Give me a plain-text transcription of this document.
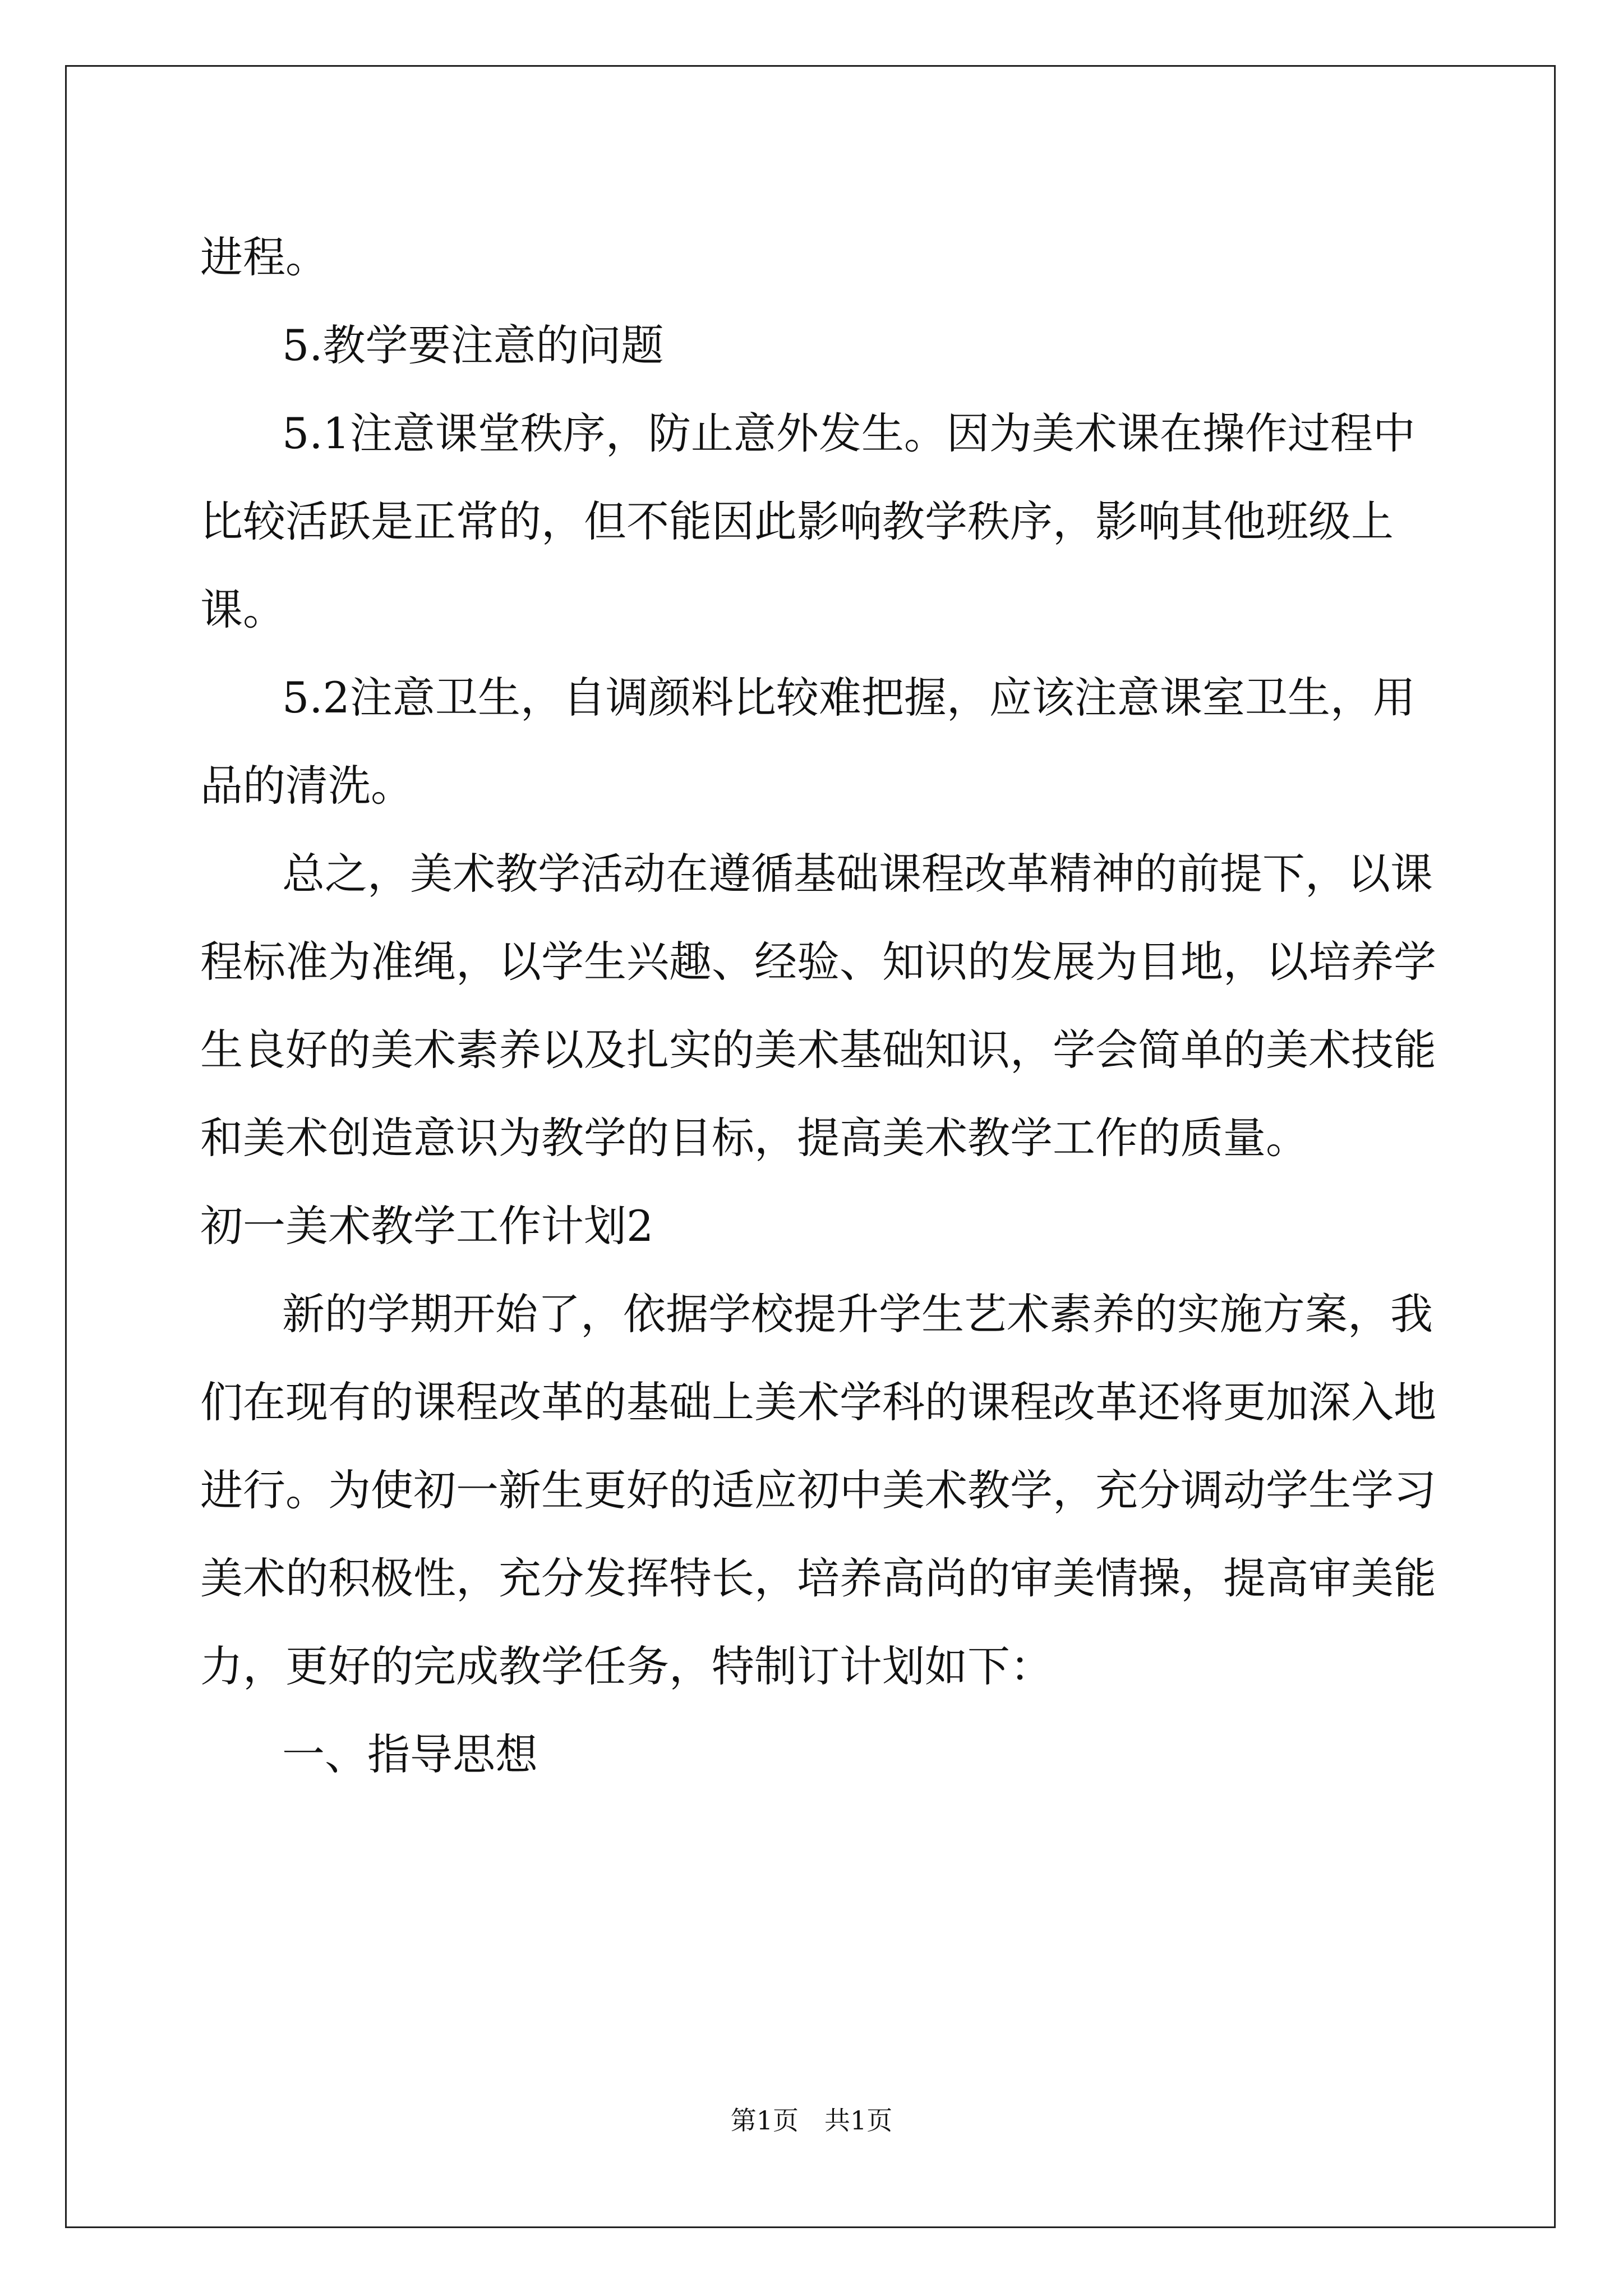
进程。

5.教学要注意的问题

5.1注意课堂秩序，防止意外发生。因为美术课在操作过程中比较活跃是正常的，但不能因此影响教学秩序，影响其他班级上课。

5.2注意卫生，自调颜料比较难把握，应该注意课室卫生，用品的清洗。

总之，美术教学活动在遵循基础课程改革精神的前提下，以课程标准为准绳，以学生兴趣、经验、知识的发展为目地，以培养学生良好的美术素养以及扎实的美术基础知识，学会简单的美术技能和美术创造意识为教学的目标，提高美术教学工作的质量。

初一美术教学工作计划2

新的学期开始了，依据学校提升学生艺术素养的实施方案，我们在现有的课程改革的基础上美术学科的课程改革还将更加深入地进行。为使初一新生更好的适应初中美术教学，充分调动学生学习美术的积极性，充分发挥特长，培养高尚的审美情操，提高审美能力，更好的完成教学任务，特制订计划如下：

一、指导思想

第1页　共1页
